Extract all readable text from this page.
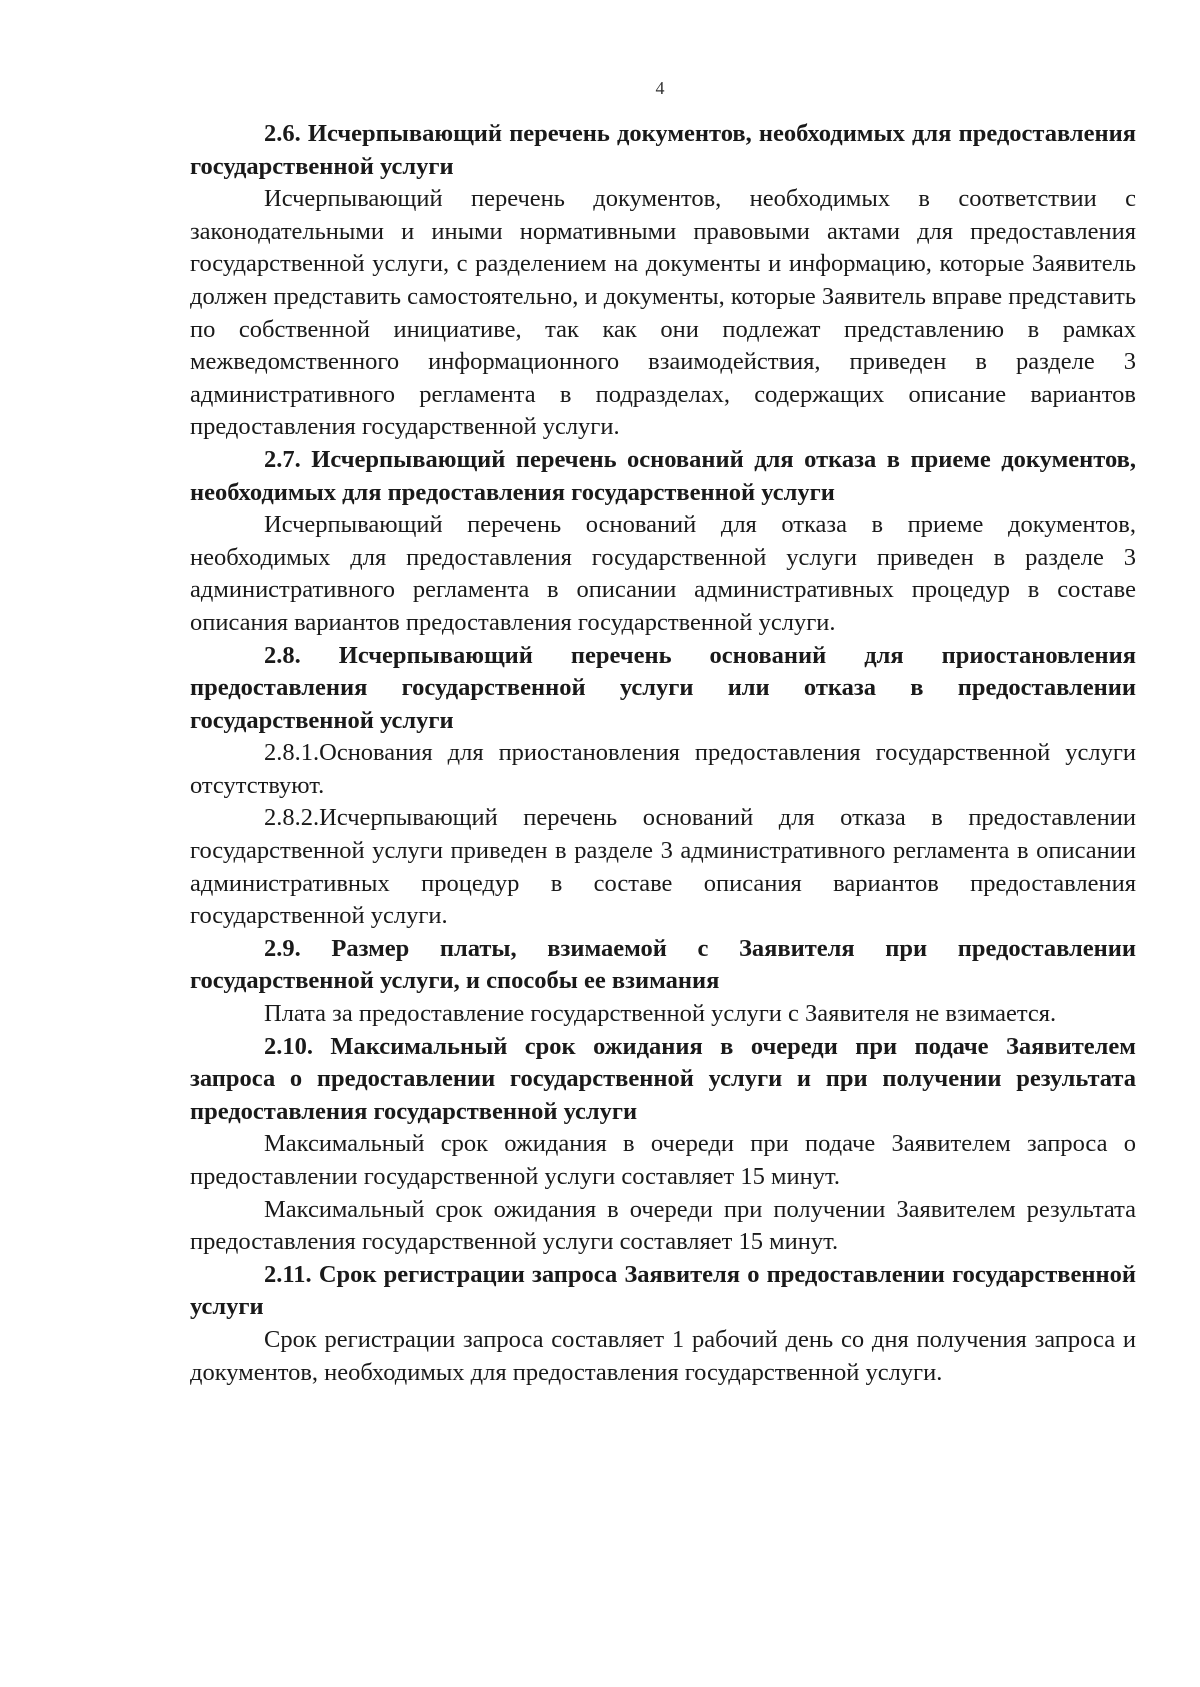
4

2.6. Исчерпывающий перечень документов, необходимых для предоставления государственной услуги

Исчерпывающий перечень документов, необходимых в соответствии с законодательными и иными нормативными правовыми актами для предоставления государственной услуги, с разделением на документы и информацию, которые Заявитель должен представить самостоятельно, и документы, которые Заявитель вправе представить по собственной инициативе, так как они подлежат представлению в рамках межведомственного информационного взаимодействия, приведен в разделе 3 административного регламента в подразделах, содержащих описание вариантов предоставления государственной услуги.

2.7. Исчерпывающий перечень оснований для отказа в приеме документов, необходимых для предоставления государственной услуги

Исчерпывающий перечень оснований для отказа в приеме документов, необходимых для предоставления государственной услуги приведен в разделе 3 административного регламента в описании административных процедур в составе описания вариантов предоставления государственной услуги.

2.8. Исчерпывающий перечень оснований для приостановления предоставления государственной услуги или отказа в предоставлении государственной услуги

2.8.1.Основания для приостановления предоставления государственной услуги отсутствуют.

2.8.2.Исчерпывающий перечень оснований для отказа в предоставлении государственной услуги приведен в разделе 3 административного регламента в описании административных процедур в составе описания вариантов предоставления государственной услуги.

2.9. Размер платы, взимаемой с Заявителя при предоставлении государственной услуги, и способы ее взимания

Плата за предоставление государственной услуги с Заявителя не взимается.

2.10. Максимальный срок ожидания в очереди при подаче Заявителем запроса о предоставлении государственной услуги и при получении результата предоставления государственной услуги

Максимальный срок ожидания в очереди при подаче Заявителем запроса о предоставлении государственной услуги составляет 15 минут.

Максимальный срок ожидания в очереди при получении Заявителем результата предоставления государственной услуги составляет 15 минут.

2.11. Срок регистрации запроса Заявителя о предоставлении государственной услуги

Срок регистрации запроса составляет 1 рабочий день со дня получения запроса и документов, необходимых для предоставления государственной услуги.
